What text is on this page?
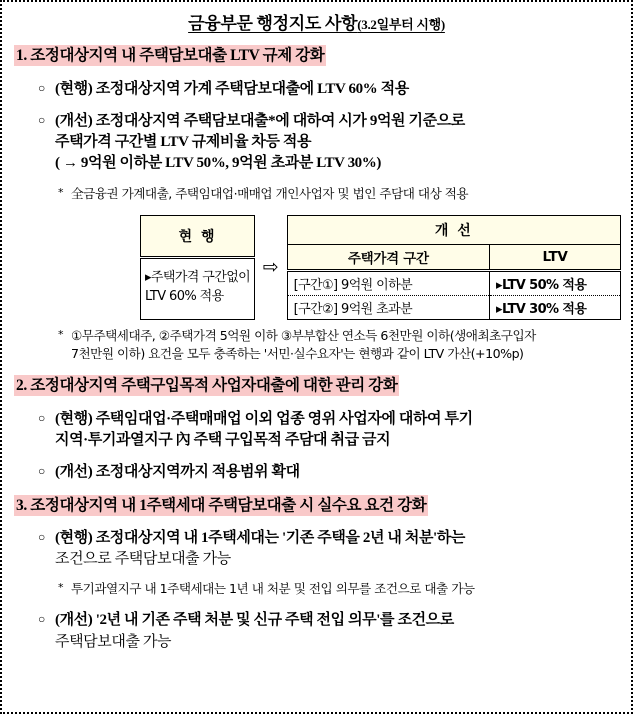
금융부문 행정지도 사항(3.2일부터 시행)
1. 조정대상지역 내 주택담보대출 LTV 규제 강화
○ (현행) 조정대상지역 가계 주택담보대출에 LTV 60% 적용
○ (개선) 조정대상지역 주택담보대출*에 대하여 시가 9억원 기준으로
주택가격 구간별 LTV 규제비율 차등 적용
( → 9억원 이하분 LTV 50%, 9억원 초과분 LTV 30%)
* 全금융권 가계대출, 주택임대업·매매업 개인사업자 및 법인 주담대 대상 적용
현 행
▸주택가격 구간없이
LTV 60% 적용
⇨
개 선	
주택가격 구간	LTV
[구간①] 9억원 이하분	▸LTV 50% 적용
[구간②] 9억원 초과분	▸LTV 30% 적용
* ①무주택세대주, ②주택가격 5억원 이하 ③부부합산 연소득 6천만원 이하(생애최초구입자
7천만원 이하) 요건을 모두 충족하는 '서민·실수요자'는 현행과 같이 LTV 가산(+10%p)
2. 조정대상지역 주택구입목적 사업자대출에 대한 관리 강화
○ (현행) 주택임대업·주택매매업 이외 업종 영위 사업자에 대하여 투기
지역·투기과열지구 內 주택 구입목적 주담대 취급 금지
○ (개선) 조정대상지역까지 적용범위 확대
3. 조정대상지역 내 1주택세대 주택담보대출 시 실수요 요건 강화
○ (현행) 조정대상지역 내 1주택세대는 '기존 주택을 2년 내 처분'하는
조건으로 주택담보대출 가능
* 투기과열지구 내 1주택세대는 1년 내 처분 및 전입 의무를 조건으로 대출 가능
○ (개선) '2년 내 기존 주택 처분 및 신규 주택 전입 의무'를 조건으로
주택담보대출 가능
